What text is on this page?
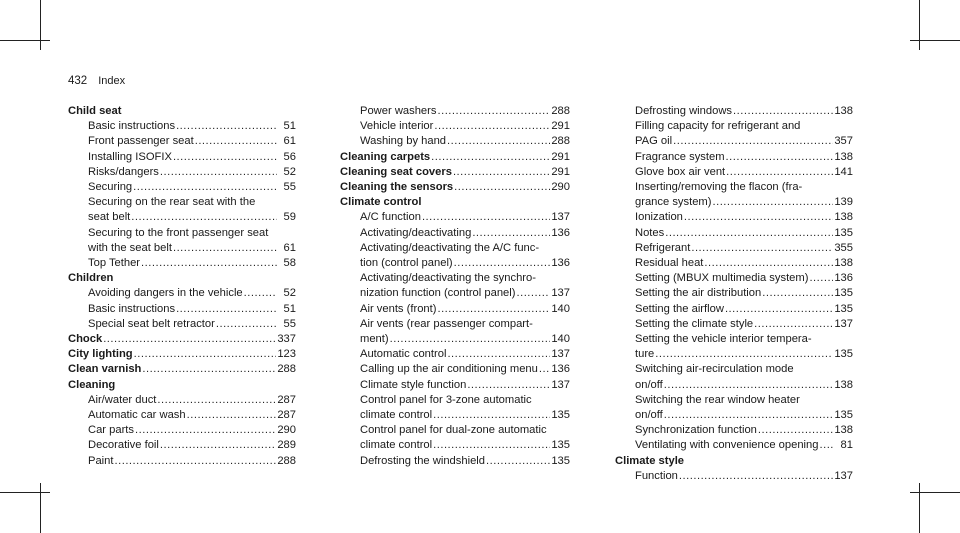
432 Index
Child seat
Basic instructions .....	51
Front passenger seat .....	61
Installing ISOFIX .....	56
Risks/dangers .....	52
Securing .....	55
Securing on the rear seat with the
seat belt .....	59
Securing to the front passenger seat
with the seat belt .....	61
Top Tether .....	58
Children
Avoiding dangers in the vehicle .....	52
Basic instructions .....	51
Special seat belt retractor .....	55
Chock .....	337
City lighting .....	123
Clean varnish .....	288
Cleaning
Air/water duct .....	287
Automatic car wash .....	287
Car parts .....	290
Decorative foil .....	289
Paint .....	288
Power washers .....	288
Vehicle interior .....	291
Washing by hand .....	288
Cleaning carpets .....	291
Cleaning seat covers .....	291
Cleaning the sensors .....	290
Climate control
A/C function .....	137
Activating/deactivating .....	136
Activating/deactivating the A/C func-
tion (control panel) .....	136
Activating/deactivating the synchro-
nization function (control panel) .....	137
Air vents (front) .....	140
Air vents (rear passenger compart-
ment) .....	140
Automatic control .....	137
Calling up the air conditioning menu ..... 136
Climate style function .....	137
Control panel for 3-zone automatic
climate control .....	135
Control panel for dual-zone automatic
climate control .....	135
Defrosting the windshield .....	135
Defrosting windows .....	138
Filling capacity for refrigerant and
PAG oil .....	357
Fragrance system .....	138
Glove box air vent .....	141
Inserting/removing the flacon (fra-
grance system) .....	139
Ionization .....	138
Notes .....	135
Refrigerant .....	355
Residual heat .....	138
Setting (MBUX multimedia system) ..... 136
Setting the air distribution .....	135
Setting the airflow .....	135
Setting the climate style .....	137
Setting the vehicle interior tempera-
ture .....	135
Switching air-recirculation mode
on/off .....	138
Switching the rear window heater
on/off .....	135
Synchronization function .....	138
Ventilating with convenience opening .....	81
Climate style
Function .....	137
